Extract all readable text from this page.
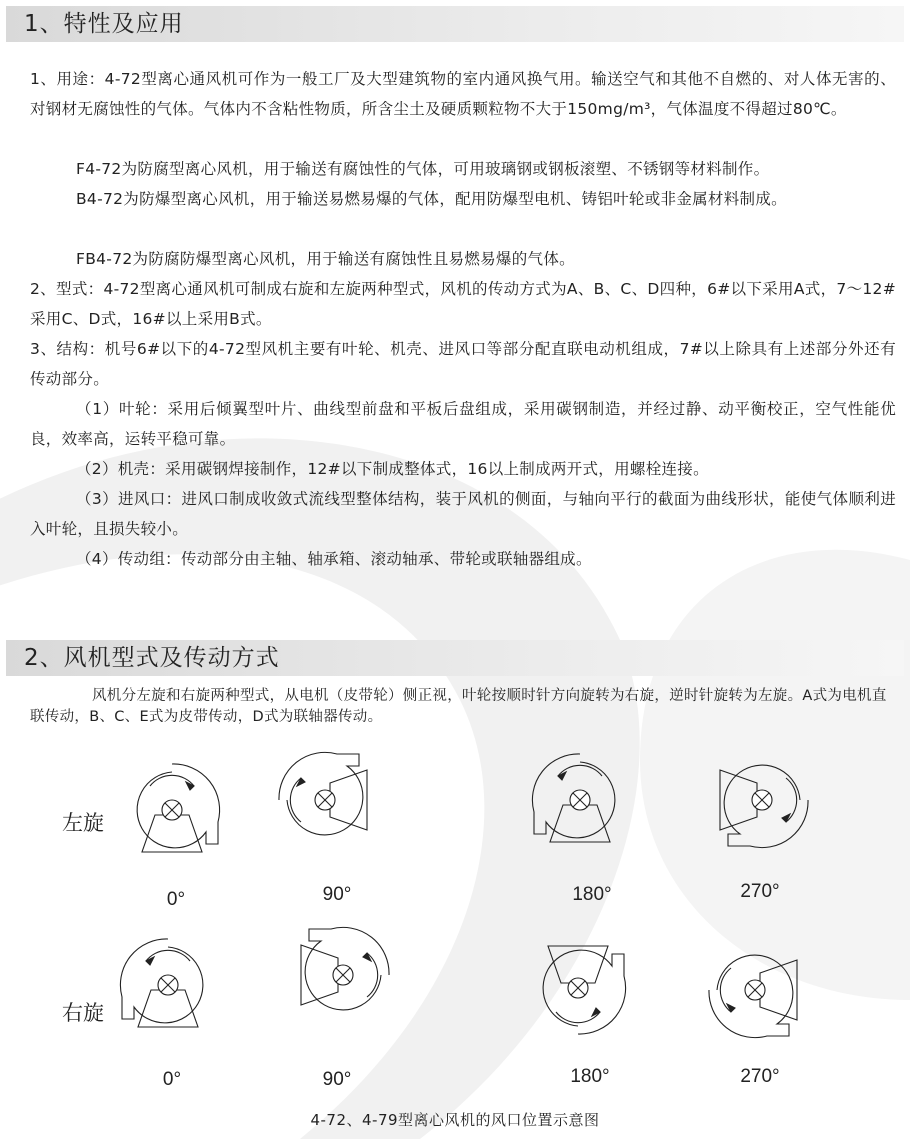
1、特性及应用

1、用途：4-72型离心通风机可作为一般工厂及大型建筑物的室内通风换气用。输送空气和其他不自燃的、对人体无害的、对钢材无腐蚀性的气体。气体内不含粘性物质，所含尘土及硬质颗粒物不大于150mg/m³，气体温度不得超过80℃。

F4-72为防腐型离心风机，用于输送有腐蚀性的气体，可用玻璃钢或钢板滚塑、不锈钢等材料制作。

B4-72为防爆型离心风机，用于输送易燃易爆的气体，配用防爆型电机、铸铝叶轮或非金属材料制成。

FB4-72为防腐防爆型离心风机，用于输送有腐蚀性且易燃易爆的气体。

2、型式：4-72型离心通风机可制成右旋和左旋两种型式，风机的传动方式为A、B、C、D四种，6#以下采用A式，7～12#采用C、D式，16#以上采用B式。

3、结构：机号6#以下的4-72型风机主要有叶轮、机壳、进风口等部分配直联电动机组成，7#以上除具有上述部分外还有传动部分。

（1）叶轮：采用后倾翼型叶片、曲线型前盘和平板后盘组成，采用碳钢制造，并经过静、动平衡校正，空气性能优良，效率高，运转平稳可靠。

（2）机壳：采用碳钢焊接制作，12#以下制成整体式，16以上制成两开式，用螺栓连接。

（3）进风口：进风口制成收敛式流线型整体结构，装于风机的侧面，与轴向平行的截面为曲线形状，能使气体顺利进入叶轮，且损失较小。

（4）传动组：传动部分由主轴、轴承箱、滚动轴承、带轮或联轴器组成。

2、风机型式及传动方式

风机分左旋和右旋两种型式，从电机（皮带轮）侧正视，叶轮按顺时针方向旋转为右旋，逆时针旋转为左旋。A式为电机直联传动，B、C、E式为皮带传动，D式为联轴器传动。

左旋
右旋
0°	90°	180°	270°
0°	90°	180°	270°
4-72、4-79型离心风机的风口位置示意图
